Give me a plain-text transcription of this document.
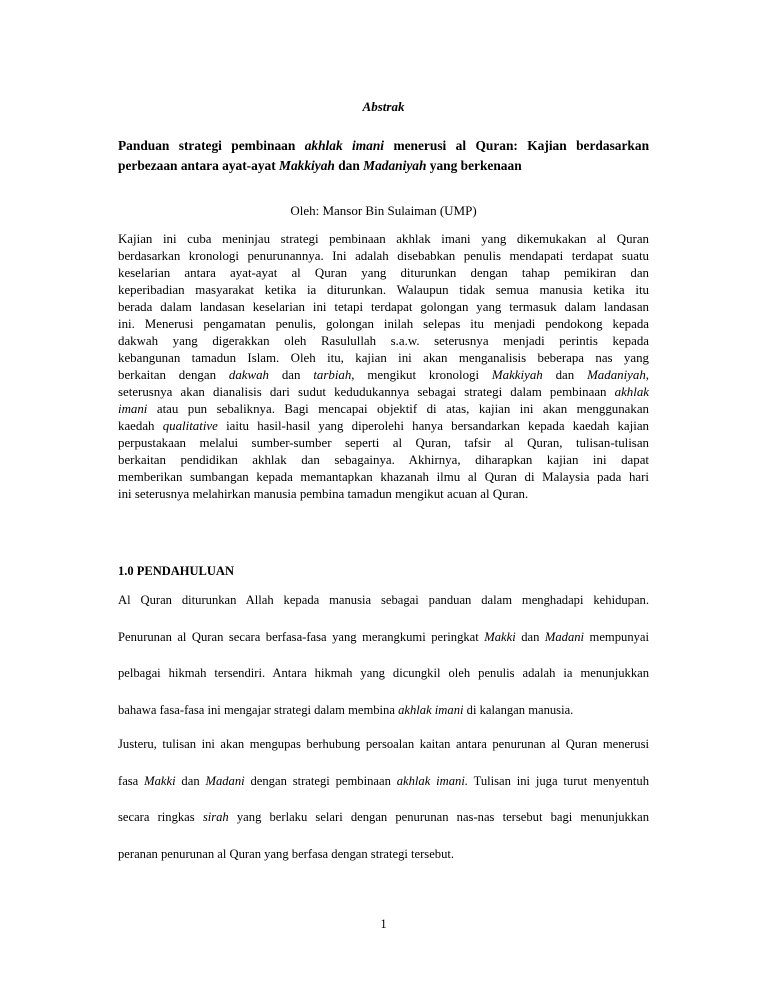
Abstrak

Panduan strategi pembinaan akhlak imani menerusi al Quran: Kajian berdasarkan perbezaan antara ayat-ayat Makkiyah dan Madaniyah yang berkenaan

Oleh: Mansor Bin Sulaiman (UMP)

Kajian ini cuba meninjau strategi pembinaan akhlak imani yang dikemukakan al Quran
berdasarkan kronologi penurunannya. Ini adalah disebabkan penulis mendapati terdapat suatu
keselarian antara ayat-ayat al Quran yang diturunkan dengan tahap pemikiran dan
keperibadian masyarakat ketika ia diturunkan. Walaupun tidak semua manusia ketika itu
berada dalam landasan keselarian ini tetapi terdapat golongan yang termasuk dalam landasan
ini. Menerusi pengamatan penulis, golongan inilah selepas itu menjadi pendokong kepada
dakwah yang digerakkan oleh Rasulullah s.a.w. seterusnya menjadi perintis kepada
kebangunan tamadun Islam. Oleh itu, kajian ini akan menganalisis beberapa nas yang
berkaitan dengan dakwah dan tarbiah, mengikut kronologi Makkiyah dan Madaniyah,
seterusnya akan dianalisis dari sudut kedudukannya sebagai strategi dalam pembinaan akhlak
imani atau pun sebaliknya. Bagi mencapai objektif di atas, kajian ini akan menggunakan
kaedah qualitative iaitu hasil-hasil yang diperolehi hanya bersandarkan kepada kaedah kajian
perpustakaan melalui sumber-sumber seperti al Quran, tafsir al Quran, tulisan-tulisan
berkaitan pendidikan akhlak dan sebagainya. Akhirnya, diharapkan kajian ini dapat
memberikan sumbangan kepada memantapkan khazanah ilmu al Quran di Malaysia pada hari
ini seterusnya melahirkan manusia pembina tamadun mengikut acuan al Quran.

1.0 PENDAHULUAN

Al Quran diturunkan Allah kepada manusia sebagai panduan dalam menghadapi kehidupan.
Penurunan al Quran secara berfasa-fasa yang merangkumi peringkat Makki dan Madani mempunyai
pelbagai hikmah tersendiri. Antara hikmah yang dicungkil oleh penulis adalah ia menunjukkan
bahawa fasa-fasa ini mengajar strategi dalam membina akhlak imani di kalangan manusia.
Justeru, tulisan ini akan mengupas berhubung persoalan kaitan antara penurunan al Quran menerusi
fasa Makki dan Madani dengan strategi pembinaan akhlak imani. Tulisan ini juga turut menyentuh
secara ringkas sirah yang berlaku selari dengan penurunan nas-nas tersebut bagi menunjukkan
peranan penurunan al Quran yang berfasa dengan strategi tersebut.

1
